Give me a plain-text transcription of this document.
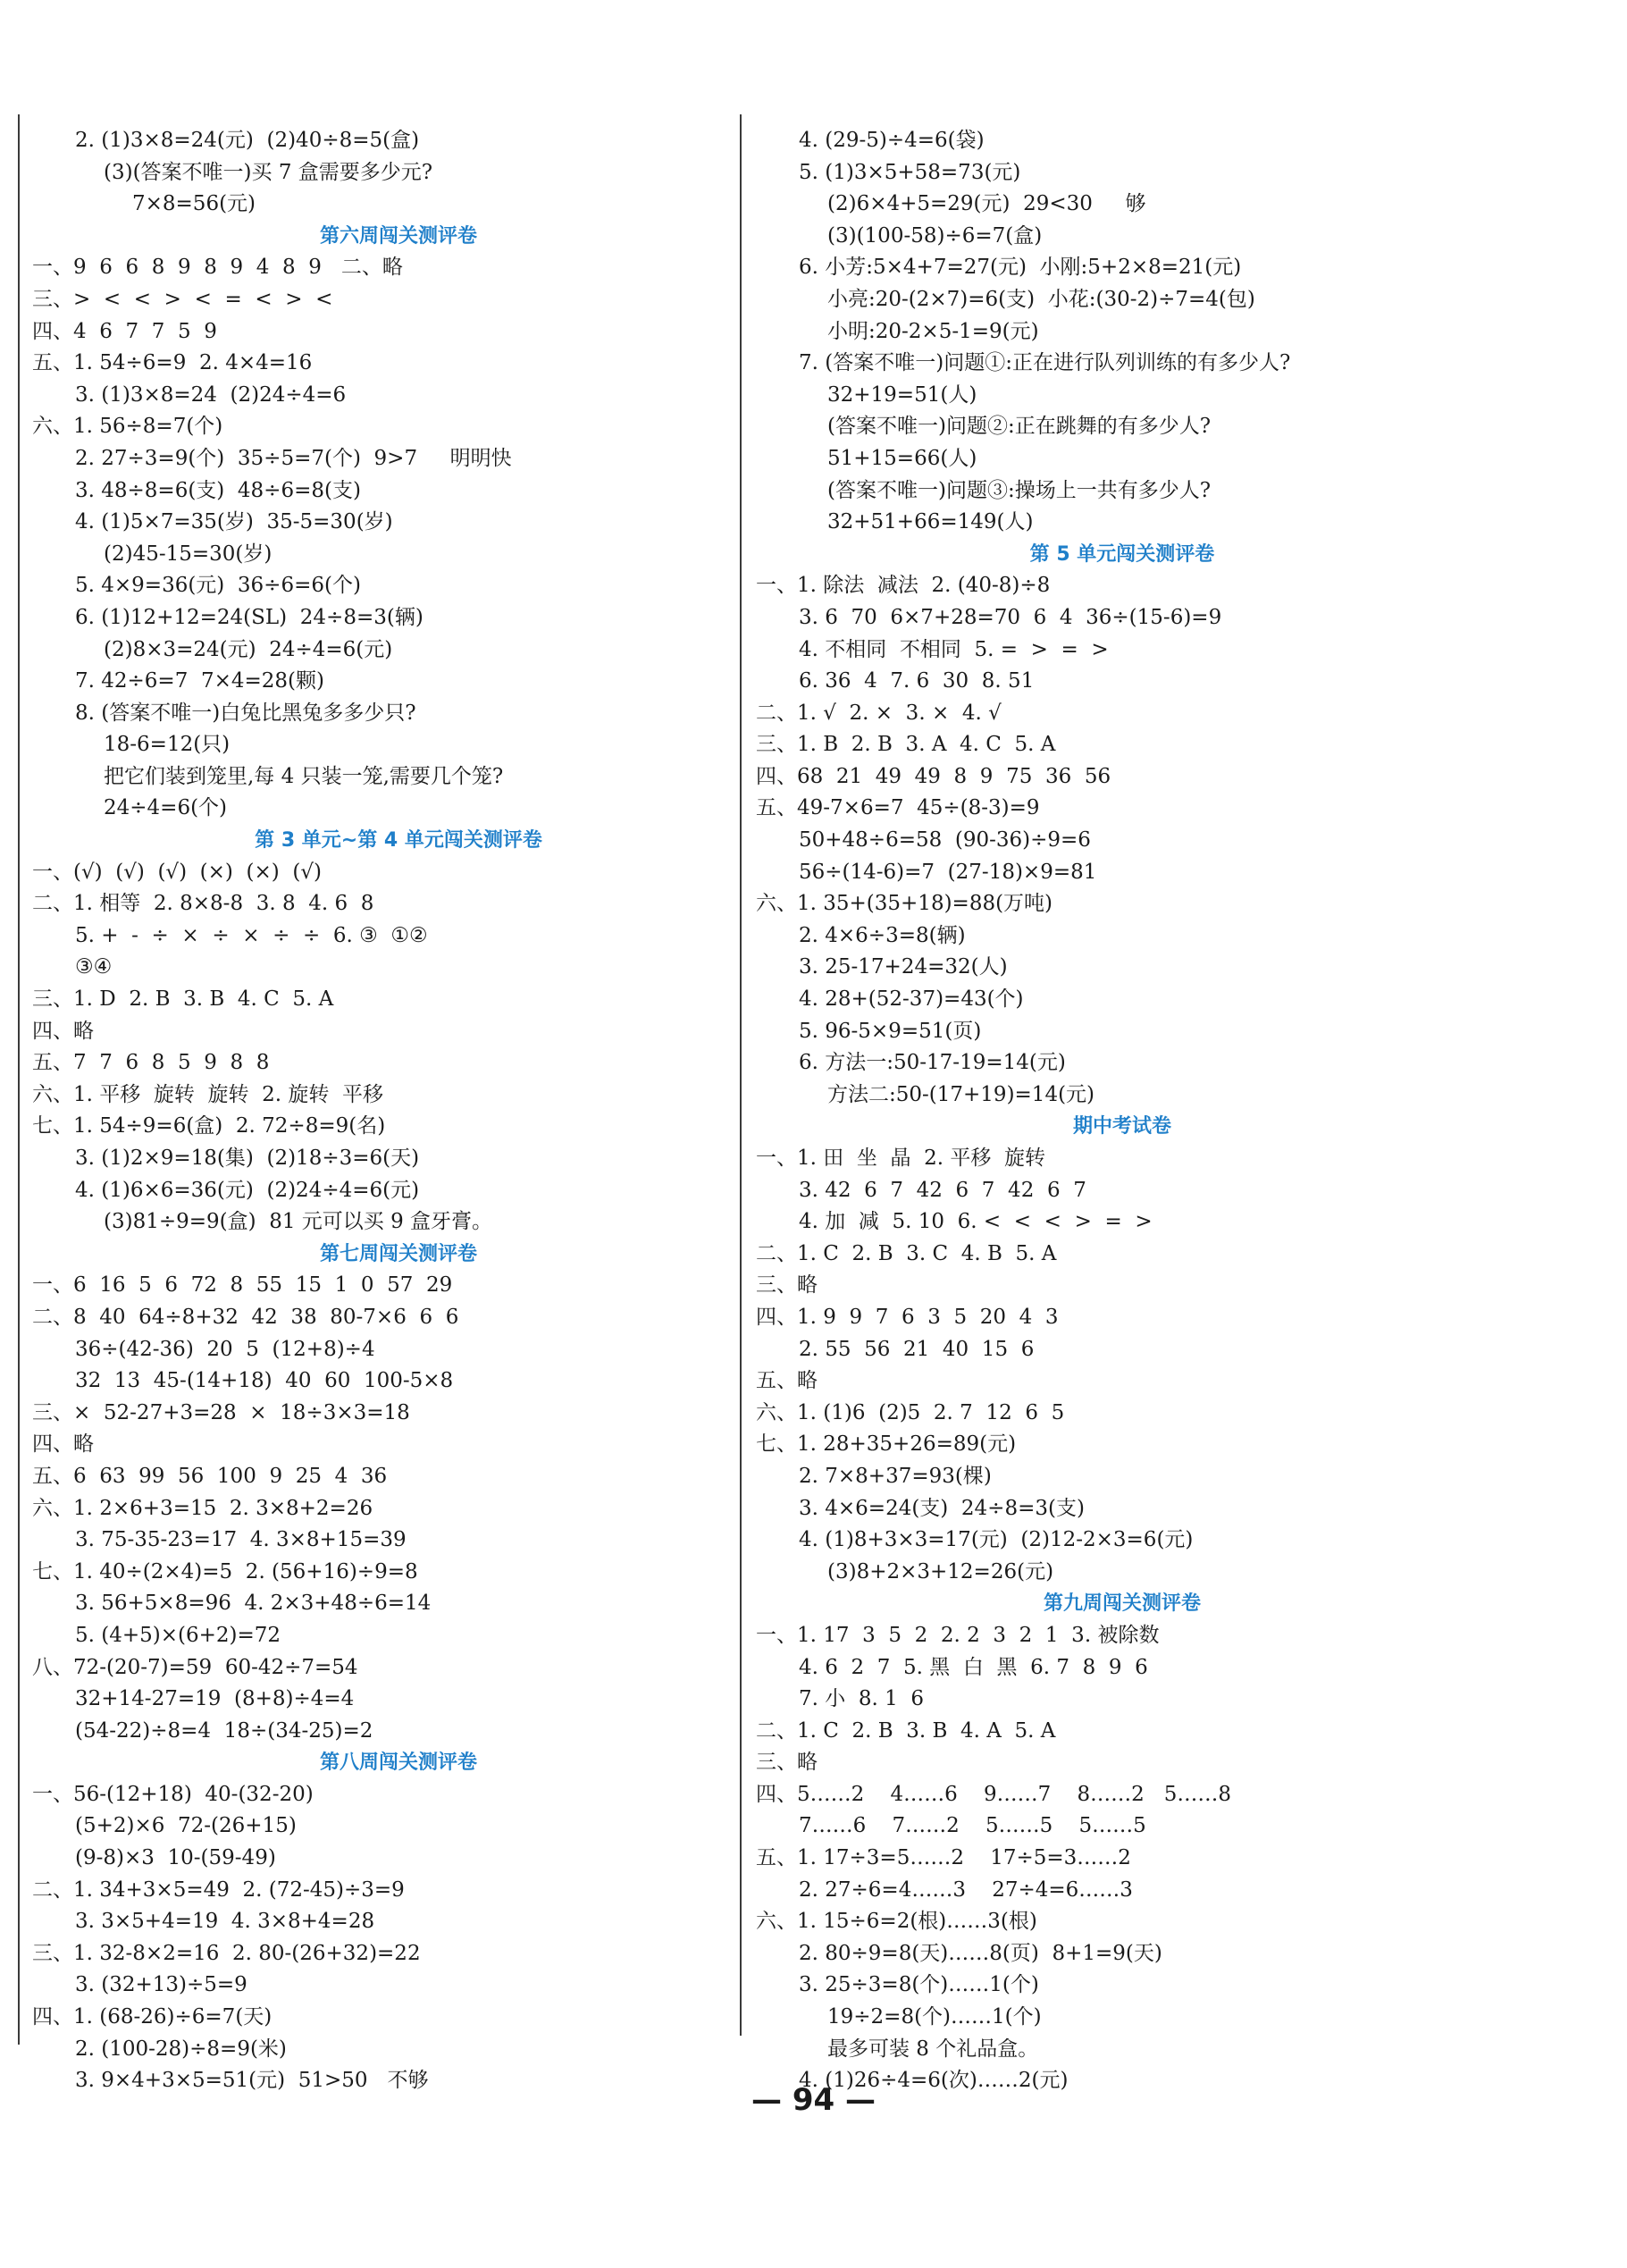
2. (1)3×8=24(元)  (2)40÷8=5(盒)
(3)(答案不唯一)买 7 盒需要多少元?
7×8=56(元)
第六周闯关测评卷
一、9  6  6  8  9  8  9  4  8  9   二、略
三、>  <  <  >  <  =  <  >  <
四、4  6  7  7  5  9
五、1. 54÷6=9  2. 4×4=16
3. (1)3×8=24  (2)24÷4=6
六、1. 56÷8=7(个)
2. 27÷3=9(个)  35÷5=7(个)  9>7     明明快
3. 48÷8=6(支)  48÷6=8(支)
4. (1)5×7=35(岁)  35-5=30(岁)
(2)45-15=30(岁)
5. 4×9=36(元)  36÷6=6(个)
6. (1)12+12=24(SL)  24÷8=3(辆)
(2)8×3=24(元)  24÷4=6(元)
7. 42÷6=7  7×4=28(颗)
8. (答案不唯一)白兔比黑兔多多少只?
18-6=12(只)
把它们装到笼里,每 4 只装一笼,需要几个笼?
24÷4=6(个)
第 3 单元~第 4 单元闯关测评卷
一、(√)  (√)  (√)  (×)  (×)  (√)
二、1. 相等  2. 8×8-8  3. 8  4. 6  8
5. +  -  ÷  ×  ÷  ×  ÷  ÷  6. ③  ①②
③④
三、1. D  2. B  3. B  4. C  5. A
四、略
五、7  7  6  8  5  9  8  8
六、1. 平移  旋转  旋转  2. 旋转  平移
七、1. 54÷9=6(盒)  2. 72÷8=9(名)
3. (1)2×9=18(集)  (2)18÷3=6(天)
4. (1)6×6=36(元)  (2)24÷4=6(元)
(3)81÷9=9(盒)  81 元可以买 9 盒牙膏。
第七周闯关测评卷
一、6  16  5  6  72  8  55  15  1  0  57  29
二、8  40  64÷8+32  42  38  80-7×6  6  6
36÷(42-36)  20  5  (12+8)÷4
32  13  45-(14+18)  40  60  100-5×8
三、×  52-27+3=28  ×  18÷3×3=18
四、略
五、6  63  99  56  100  9  25  4  36
六、1. 2×6+3=15  2. 3×8+2=26
3. 75-35-23=17  4. 3×8+15=39
七、1. 40÷(2×4)=5  2. (56+16)÷9=8
3. 56+5×8=96  4. 2×3+48÷6=14
5. (4+5)×(6+2)=72
八、72-(20-7)=59  60-42÷7=54
32+14-27=19  (8+8)÷4=4
(54-22)÷8=4  18÷(34-25)=2
第八周闯关测评卷
一、56-(12+18)  40-(32-20)
(5+2)×6  72-(26+15)
(9-8)×3  10-(59-49)
二、1. 34+3×5=49  2. (72-45)÷3=9
3. 3×5+4=19  4. 3×8+4=28
三、1. 32-8×2=16  2. 80-(26+32)=22
3. (32+13)÷5=9
四、1. (68-26)÷6=7(天)
2. (100-28)÷8=9(米)
3. 9×4+3×5=51(元)  51>50   不够
4. (29-5)÷4=6(袋)
5. (1)3×5+58=73(元)
(2)6×4+5=29(元)  29<30     够
(3)(100-58)÷6=7(盒)
6. 小芳:5×4+7=27(元)  小刚:5+2×8=21(元)
小亮:20-(2×7)=6(支)  小花:(30-2)÷7=4(包)
小明:20-2×5-1=9(元)
7. (答案不唯一)问题①:正在进行队列训练的有多少人?
32+19=51(人)
(答案不唯一)问题②:正在跳舞的有多少人?
51+15=66(人)
(答案不唯一)问题③:操场上一共有多少人?
32+51+66=149(人)
第 5 单元闯关测评卷
一、1. 除法  减法  2. (40-8)÷8
3. 6  70  6×7+28=70  6  4  36÷(15-6)=9
4. 不相同  不相同  5. =  >  =  >
6. 36  4  7. 6  30  8. 51
二、1. √  2. ×  3. ×  4. √
三、1. B  2. B  3. A  4. C  5. A
四、68  21  49  49  8  9  75  36  56
五、49-7×6=7  45÷(8-3)=9
50+48÷6=58  (90-36)÷9=6
56÷(14-6)=7  (27-18)×9=81
六、1. 35+(35+18)=88(万吨)
2. 4×6÷3=8(辆)
3. 25-17+24=32(人)
4. 28+(52-37)=43(个)
5. 96-5×9=51(页)
6. 方法一:50-17-19=14(元)
方法二:50-(17+19)=14(元)
期中考试卷
一、1. 田  坐  晶  2. 平移  旋转
3. 42  6  7  42  6  7  42  6  7
4. 加  减  5. 10  6. <  <  <  >  =  >
二、1. C  2. B  3. C  4. B  5. A
三、略
四、1. 9  9  7  6  3  5  20  4  3
2. 55  56  21  40  15  6
五、略
六、1. (1)6  (2)5  2. 7  12  6  5
七、1. 28+35+26=89(元)
2. 7×8+37=93(棵)
3. 4×6=24(支)  24÷8=3(支)
4. (1)8+3×3=17(元)  (2)12-2×3=6(元)
(3)8+2×3+12=26(元)
第九周闯关测评卷
一、1. 17  3  5  2  2. 2  3  2  1  3. 被除数
4. 6  2  7  5. 黑  白  黑  6. 7  8  9  6
7. 小  8. 1  6
二、1. C  2. B  3. B  4. A  5. A
三、略
四、5……2    4……6    9……7    8……2   5……8
7……6    7……2    5……5    5……5
五、1. 17÷3=5……2    17÷5=3……2
2. 27÷6=4……3    27÷4=6……3
六、1. 15÷6=2(根)……3(根)
2. 80÷9=8(天)……8(页)  8+1=9(天)
3. 25÷3=8(个)……1(个)
19÷2=8(个)……1(个)
最多可装 8 个礼品盒。
4. (1)26÷4=6(次)……2(元)
— 94 —
